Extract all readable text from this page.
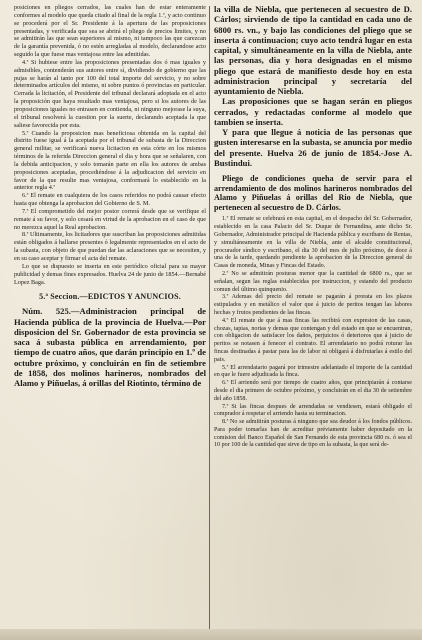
posiciones en pliegos cerrados, las cuales han de estar enteramente conformes al modelo que queda citado al final de la regla 1.ª, y acto continuo se procederá por el Sr. Presidente á la apertura de las proposiciones presentadas, y verificada que sea se abrirá el pliego de precios limites, y no se admitirán las que sean superiores al mismo, ni tampoco las que carezcan de la garantía prevenida, ó no estén arregladas al modelo, declarandose acto seguido la que fuese mas ventajosa entre las admitidas.

4.ª Si hubiese entre las proposiciones presentadas dos ó mas iguales y admisibles, contenderán sus autores entre sí, dividiendo de gobierno que las pujas se harán al tanto por 100 del total importe del servicio, y no sobre determinados artículos del mismo, ni sobre puntos ó provincias en particular. Cerrada la licitación, el Presidente del tribunal declarará adoptada en el acto la proposición que haya resultado mas ventajosa, pero si los autores de las proposiciones iguales no entrasen en contienda, ni ninguno mejorase la suya, el tribunal resolverá la cuestion por la suerte, declarando aceptada la que saliese favorecida por esta.

5.ª Cuando la proposicion mas beneficiosa obtenida en la capital del distrito fuese igual á la aceptada por el tribunal de subasta de la Direccion general militar, se verificará nueva licitacion en esta córte en los mismos términos de la referida Direccion general el dia y hora que se señalaren, con la debida anticipacion, y solo tomarán parte en ella los autores de ambas proposiciones aceptadas, procediéndose á la adjudicacion del servicio en favor de la que resulte mas ventajosa, conformará lo establecido en la anterior regla 4.ª

6.ª El remate en cualquiera de los casos referidos no podrá causar efecto hasta que obtenga la aprobacion del Gobierno de S. M.

7.ª El comprometido del mejor postor correrá desde que se verifique el remate á su favor, y solo cesará en virtud de la aprobacion en el caso de que no merezca aquel la Real aprobacion.

8.ª Ultimamente, los licitadores que suscriban las proposiciones admitidas están obligados á hallarse presentes ó legalmente representados en el acto de la subasta, con objeto de que puedan dar las aclaraciones que se necesiten, y en su caso aceptar y firmar el acta del remate.

Lo que se dispuesto se inserta en este periódico oficial para su mayor publicidad y demas fines expresados. Huelva 24 de junio de 1854.—Bernabé Lopez Baga.

5.ª Seccion.—EDICTOS Y ANUNCIOS.

Núm. 525.—Administracion principal de Hacienda pública de la provincia de Huelva.—Por disposicion del Sr. Gobernador de esta provincia se saca á subasta pública en arrendamiento, por tiempo de cuatro años, que darán principio en 1.º de octubre próximo, y concluirán en fin de setiembre de 1858, dos molinos harineros, nombrados del Alamo y Piñuelas, á orillas del Riotinto, término de

la villa de Niebla, que pertenecen al secuestro de D. Cárlos; sirviendo de tipo la cantidad en cada uno de 6800 rs. vn., y bajo las condiciones del pliego que se inserta á continuacion; cuyo acto tendrá lugar en esta capital, y simultáneamente en la villa de Niebla, ante las personas, dia y hora designadas en el mismo pliego que estará de manifiesto desde hoy en esta administracion principal y secretaría del ayuntamiento de Niebla.

Las proposiciones que se hagan serán en pliegos cerrados, y redactadas conforme al modelo que tambien se inserta.

Y para que llegue á noticia de las personas que gusten interesarse en la subasta, se anuncia por medio del presente. Huelva 26 de junio de 1854.-Jose A. Bustindui.

Pliego de condiciones queha de servir para el arrendamiento de dos molinos harineros nombrados del Alamo y Piñuelas á orillas del Rio de Niebla, que pertenecen al secuestro de D. Cárlos.

1.ª El remate se celebrará en esta capital, en el despacho del Sr. Gobernador, establecido en la casa Palacio del Sr. Duque de Fernandina, ante dicho Sr. Gobernador, Administrador principal de Hacienda pública y escribano de Rentas, y simultáneamente en la villa de Niebla, ante el alcalde constitucional, procurador síndico y escribano, el dia 30 del mes de julio próximo, de doce á una de la tarde, quedando pendiente la aprobacion de la Direccion general de Casas de moneda, Minas y Fincas del Estado.

2.ª No se admitirán posturas menor que la cantidad de 6800 rs., que se señalan, segun las reglas establecidas por instruccion, y estando del producto comun del último quinquenio.

3.ª Ademas del precio del remate se pagarán á prorata en los plazos estipulados y en metálico el valor que á juicio de peritos tengan las labores hechas y frutos pendientes de las fincas.

4.ª El remate de que á mas fincas las recibirá con expresion de las casas, chozas, tapias, norias y demas que contengan y del estado en que se encuentran, con obligacion de satisfacer los daños, perjuicios ó deterioros que á juicio de peritos se notasen á fenecer el contrato. El arrendatario no podrá roturar las fincas destinadas á pastar para las de labor ni obligará á disfrutarlas á estilo del pais.

5.ª El arrendatario pagará por trimestre adelantado el importe de la cantidad en que le fuere adjudicada la finca.

6.ª El arriendo será por tiempo de cuatro años, que principiarán á contarse desde el dia primero de octubre próximo, y concluirán en el dia 30 de setiembre del año 1858.

7.ª Si las fincas despues de arrendadas se vendiesen, estará obligado el comprador á respetar el arriendo hasta su terminacion.

8.ª No se admitirán posturas á ninguno que sea deudor á los fondos públicos. Para poder tomarlas han de acreditar préviamente haber depositado en la comision del Banco Español de San Fernando de esta provincia 680 rs. ó sea el 10 por 100 de la cantidad que sirve de tipo en la subasta, la que será de-
